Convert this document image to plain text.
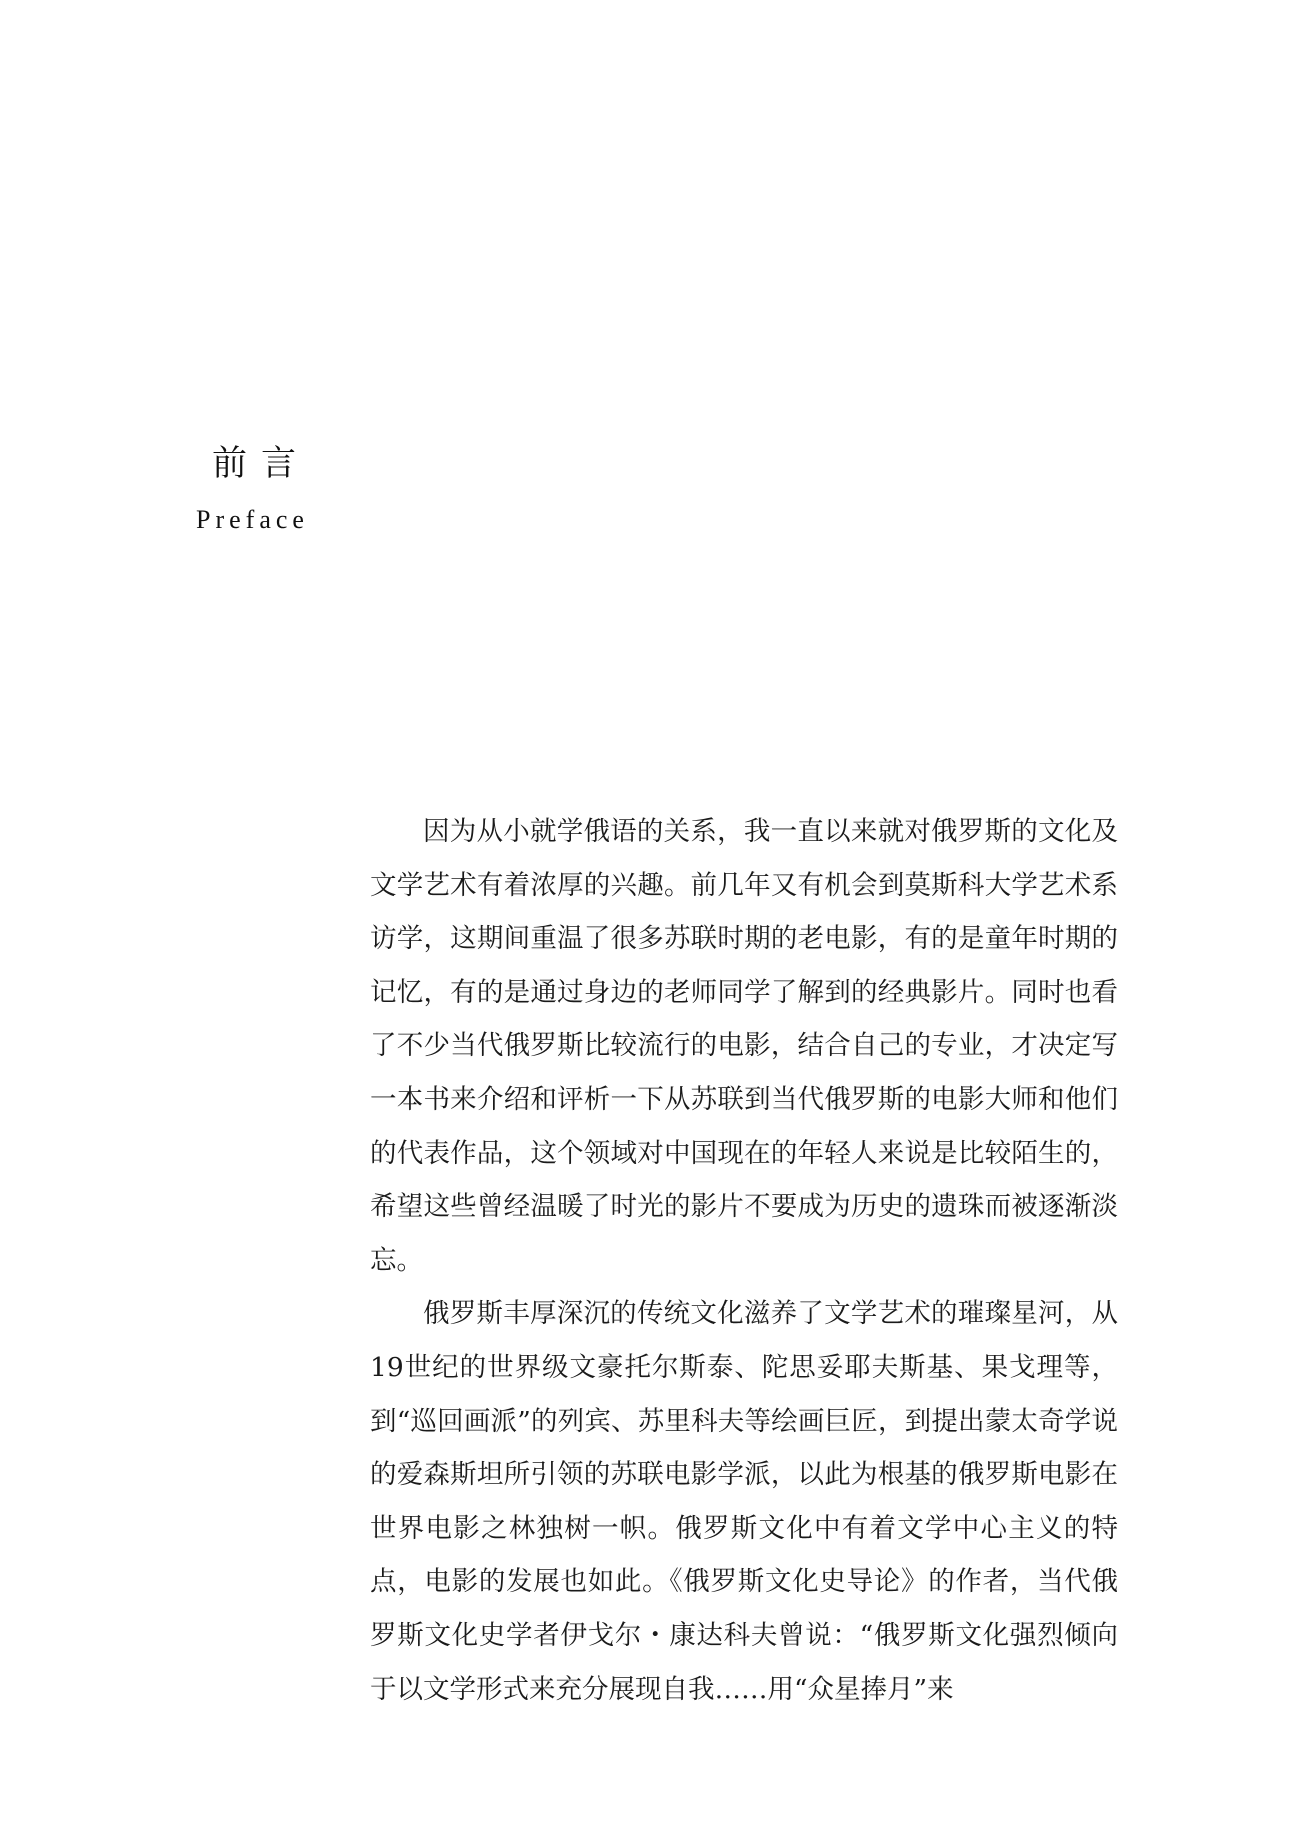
前言
Preface

因为从小就学俄语的关系，我一直以来就对俄罗斯的文化及文学艺术有着浓厚的兴趣。前几年又有机会到莫斯科大学艺术系访学，这期间重温了很多苏联时期的老电影，有的是童年时期的记忆，有的是通过身边的老师同学了解到的经典影片。同时也看了不少当代俄罗斯比较流行的电影，结合自己的专业，才决定写一本书来介绍和评析一下从苏联到当代俄罗斯的电影大师和他们的代表作品，这个领域对中国现在的年轻人来说是比较陌生的，希望这些曾经温暖了时光的影片不要成为历史的遗珠而被逐渐淡忘。

俄罗斯丰厚深沉的传统文化滋养了文学艺术的璀璨星河，从19世纪的世界级文豪托尔斯泰、陀思妥耶夫斯基、果戈理等，到“巡回画派”的列宾、苏里科夫等绘画巨匠，到提出蒙太奇学说的爱森斯坦所引领的苏联电影学派，以此为根基的俄罗斯电影在世界电影之林独树一帜。俄罗斯文化中有着文学中心主义的特点，电影的发展也如此。《俄罗斯文化史导论》的作者，当代俄罗斯文化史学者伊戈尔・康达科夫曾说：“俄罗斯文化强烈倾向于以文学形式来充分展现自我……用“众星捧月”来
